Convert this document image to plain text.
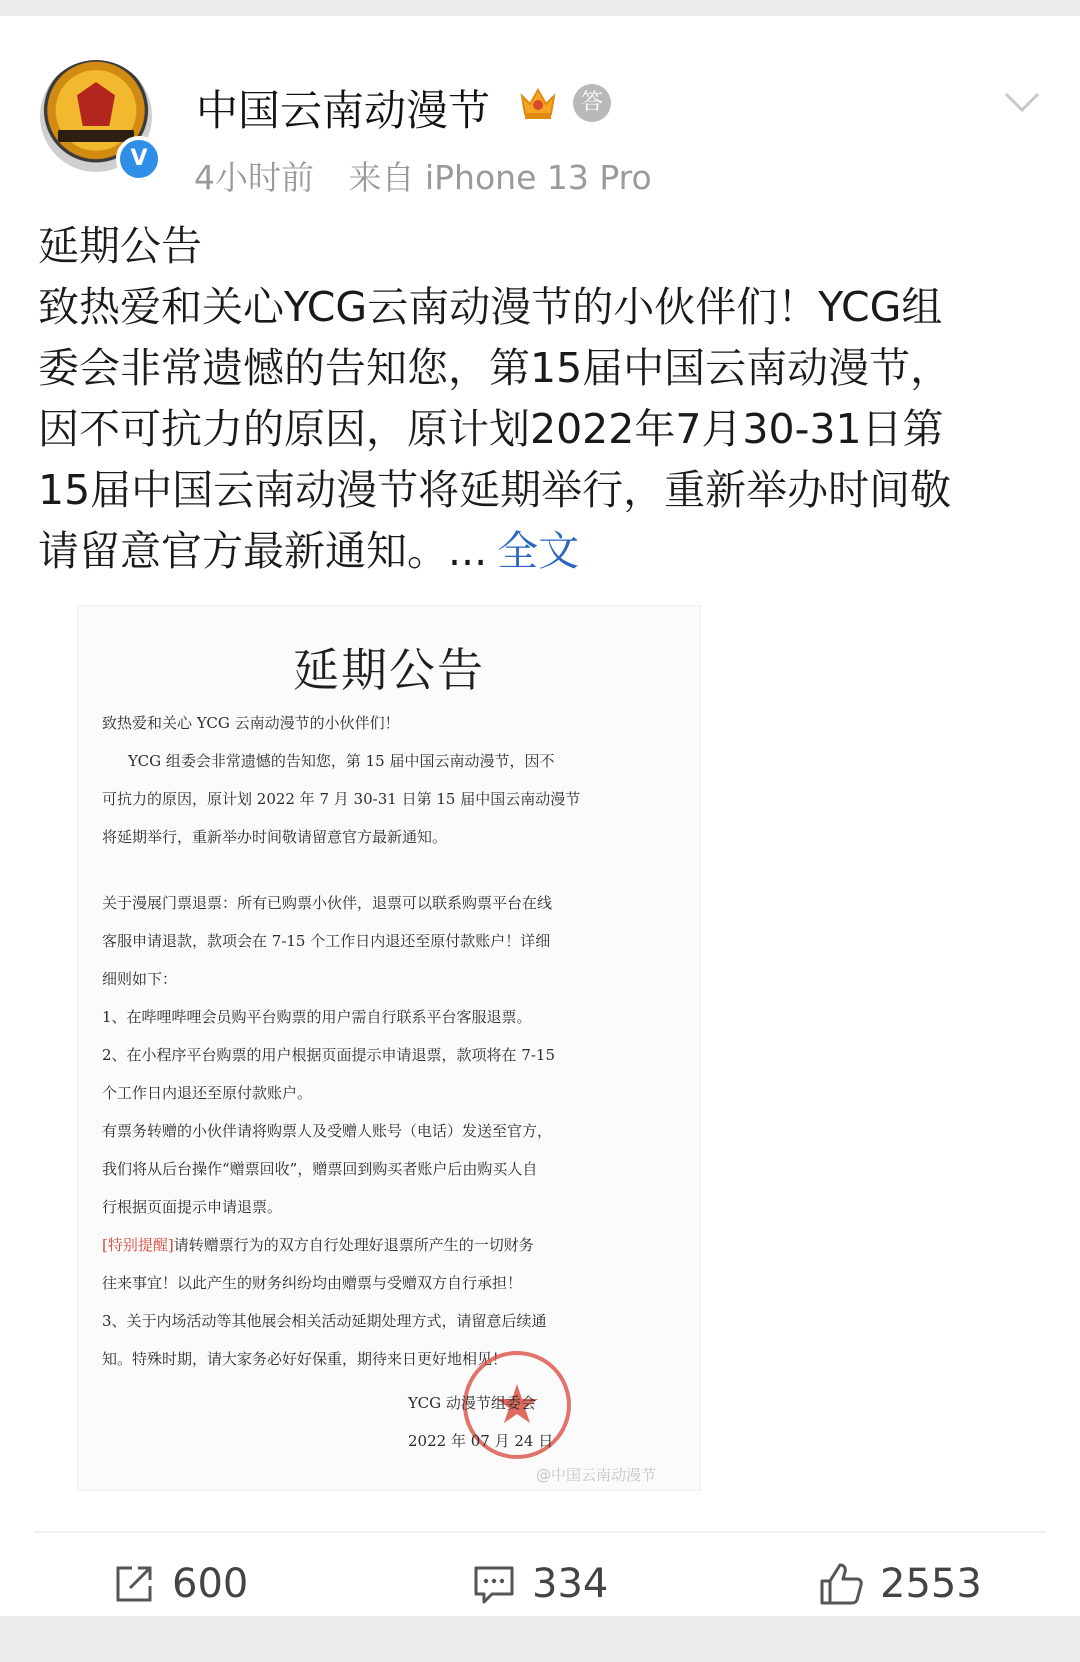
V
中国云南动漫节	答
4小时前 来自 iPhone 13 Pro
延期公告
致热爱和关心YCG云南动漫节的小伙伴们！YCG组
委会非常遗憾的告知您，第15届中国云南动漫节，
因不可抗力的原因，原计划2022年7月30-31日第
15届中国云南动漫节将延期举行，重新举办时间敬
请留意官方最新通知。... 全文
延期公告
致热爱和关心 YCG 云南动漫节的小伙伴们！
YCG 组委会非常遗憾的告知您，第 15 届中国云南动漫节，因不
可抗力的原因，原计划 2022 年 7 月 30-31 日第 15 届中国云南动漫节
将延期举行，重新举办时间敬请留意官方最新通知。
关于漫展门票退票：所有已购票小伙伴，退票可以联系购票平台在线
客服申请退款，款项会在 7-15 个工作日内退还至原付款账户！详细
细则如下：
1、在哔哩哔哩会员购平台购票的用户需自行联系平台客服退票。
2、在小程序平台购票的用户根据页面提示申请退票，款项将在 7-15
个工作日内退还至原付款账户。
有票务转赠的小伙伴请将购票人及受赠人账号（电话）发送至官方，
我们将从后台操作“赠票回收”，赠票回到购买者账户后由购买人自
行根据页面提示申请退票。
[特别提醒]请转赠票行为的双方自行处理好退票所产生的一切财务
往来事宜！以此产生的财务纠纷均由赠票与受赠双方自行承担！
3、关于内场活动等其他展会相关活动延期处理方式，请留意后续通
知。特殊时期，请大家务必好好保重，期待来日更好地相见！
YCG 动漫节组委会
2022 年 07 月 24 日
@中国云南动漫节
600	334	2553
